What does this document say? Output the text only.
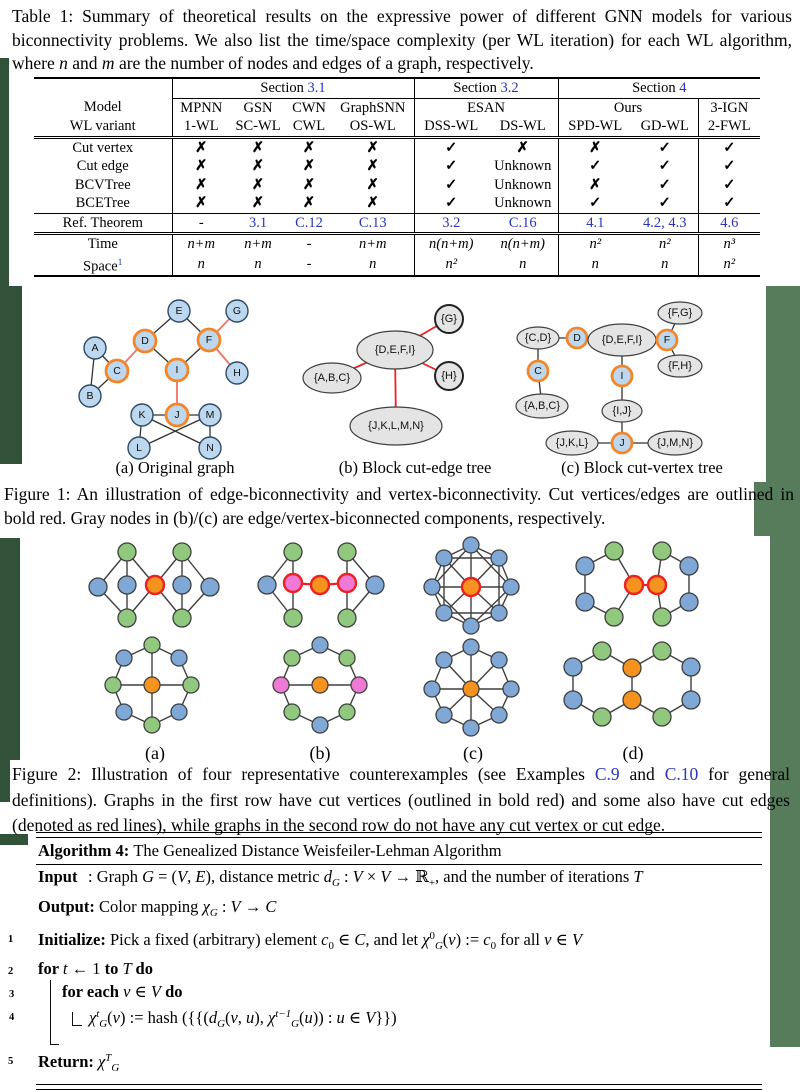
Table 1: Summary of theoretical results on the expressive power of different GNN models for various biconnectivity problems. We also list the time/space complexity (per WL iteration) for each WL algorithm, where n and m are the number of nodes and edges of a graph, respectively.
	Section 3.1				Section 3.2		Section 4		
Model	MPNN	GSN	CWN	GraphSNN	ESAN		Ours		3-IGN
WL variant	1-WL	SC-WL	CWL	OS-WL	DSS-WL	DS-WL	SPD-WL	GD-WL	2-FWL
Cut vertex	✗	✗	✗	✗	✓	✗	✗	✓	✓
Cut edge	✗	✗	✗	✗	✓	Unknown	✓	✓	✓
BCVTree	✗	✗	✗	✗	✓	Unknown	✗	✓	✓
BCETree	✗	✗	✗	✗	✓	Unknown	✓	✓	✓
Ref. Theorem	-	3.1	C.12	C.13	3.2	C.16	4.1	4.2, 4.3	4.6
Time	n+m	n+m	-	n+m	n(n+m)	n(n+m)	n²	n²	n³
Space$^1$	n	n	-	n	n²	n	n	n	n²
A
B
C
D
E
F
G
H
I
J
K
L
M
N
{D,E,F,I}
{G}
{A,B,C}	{H}
{J,K,L,M,N}
{C,D} D {D,E,F,I} F
{F,G}
{F,H}
C	I
{A,B,C}	{I,J}
{J,K,L}	J	{J,M,N}
(a) Original graph	(b) Block cut-edge tree	(c) Block cut-vertex tree
Figure 1: An illustration of edge-biconnectivity and vertex-biconnectivity. Cut vertices/edges are outlined in bold red. Gray nodes in (b)/(c) are edge/vertex-biconnected components, respectively.
(a)	(b)	(c)	(d)
Figure 2: Illustration of four representative counterexamples (see Examples C.9 and C.10 for general definitions). Graphs in the first row have cut vertices (outlined in bold red) and some also have cut edges (denoted as red lines), while graphs in the second row do not have any cut vertex or cut edge.
Algorithm 4: The Genealized Distance Weisfeiler-Lehman Algorithm
Input : Graph G = (V, E), distance metric $d_G$ : V × V → ℝ$_+$, and the number of iterations T
Output: Color mapping $\chi_G$ : V → C
1 Initialize: Pick a fixed (arbitrary) element $c_0$ ∈ C, and let $\chi^0_G(v)$ := $c_0$ for all v ∈ V
2 for t ← 1 to T do
3	for each v ∈ V do
4	$\chi^t_G(v)$ := hash ({{($d_G(v$, u), $\chi^{t-1}_G(u)$) : u ∈ V}})
5 Return: $\chi^T_G$
